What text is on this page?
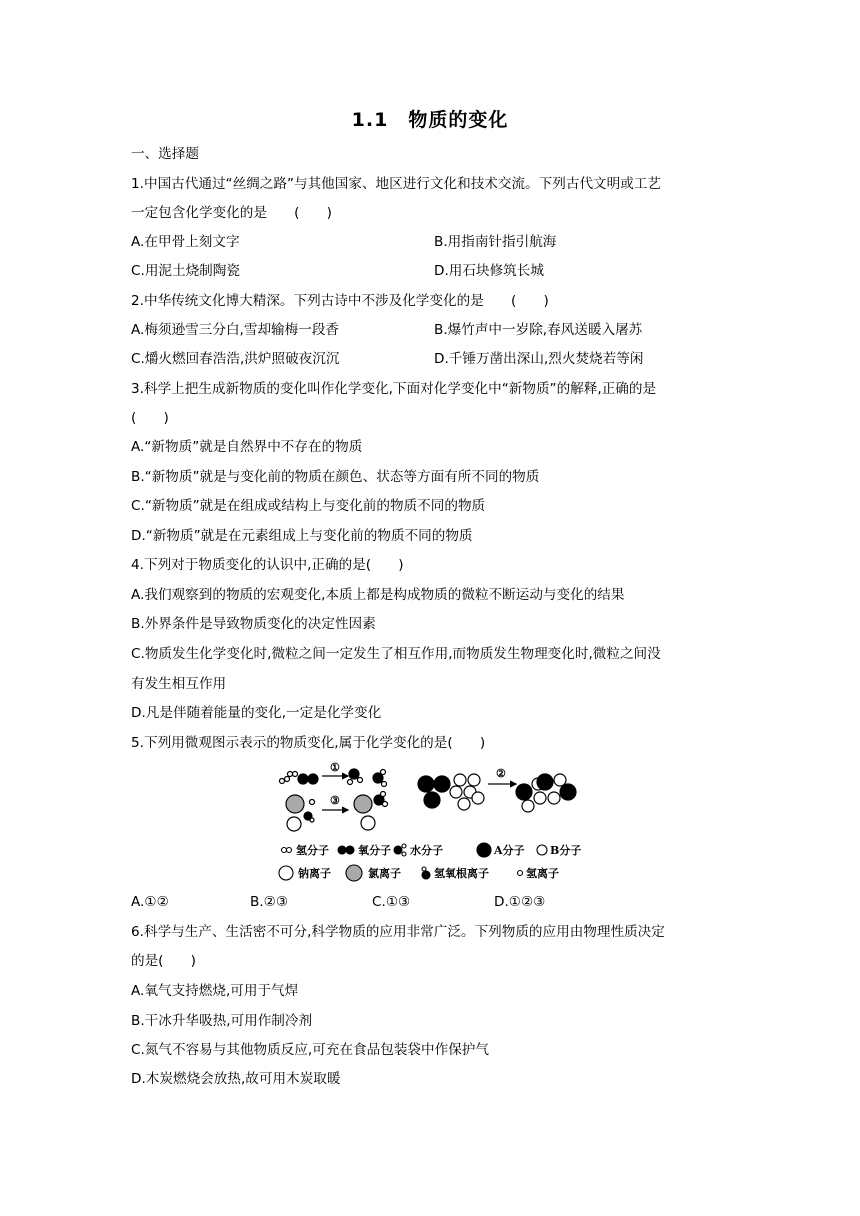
1.1　物质的变化
一、选择题
1.中国古代通过“丝绸之路”与其他国家、地区进行文化和技术交流。下列古代文明或工艺
一定包含化学变化的是　　(　　)
A.在甲骨上刻文字	B.用指南针指引航海
C.用泥土烧制陶瓷	D.用石块修筑长城
2.中华传统文化博大精深。下列古诗中不涉及化学变化的是　　(　　)
A.梅须逊雪三分白,雪却输梅一段香	B.爆竹声中一岁除,春风送暖入屠苏
C.爝火燃回春浩浩,洪炉照破夜沉沉	D.千锤万凿出深山,烈火焚烧若等闲
3.科学上把生成新物质的变化叫作化学变化,下面对化学变化中“新物质”的解释,正确的是
(　　)
A.“新物质”就是自然界中不存在的物质
B.“新物质”就是与变化前的物质在颜色、状态等方面有所不同的物质
C.“新物质”就是在组成或结构上与变化前的物质不同的物质
D.“新物质”就是在元素组成上与变化前的物质不同的物质
4.下列对于物质变化的认识中,正确的是(　　)
A.我们观察到的物质的宏观变化,本质上都是构成物质的微粒不断运动与变化的结果
B.外界条件是导致物质变化的决定性因素
C.物质发生化学变化时,微粒之间一定发生了相互作用,而物质发生物理变化时,微粒之间没
有发生相互作用
D.凡是伴随着能量的变化,一定是化学变化
5.下列用微观图示表示的物质变化,属于化学变化的是(　　)
①
③
②
氢分子	氧分子 水分子	A分子 B分子
钠离子	氯离子	氢氧根离子	氢离子
A.①②	B.②③	C.①③	D.①②③
6.科学与生产、生活密不可分,科学物质的应用非常广泛。下列物质的应用由物理性质决定
的是(　　)
A.氧气支持燃烧,可用于气焊
B.干冰升华吸热,可用作制冷剂
C.氮气不容易与其他物质反应,可充在食品包装袋中作保护气
D.木炭燃烧会放热,故可用木炭取暖
